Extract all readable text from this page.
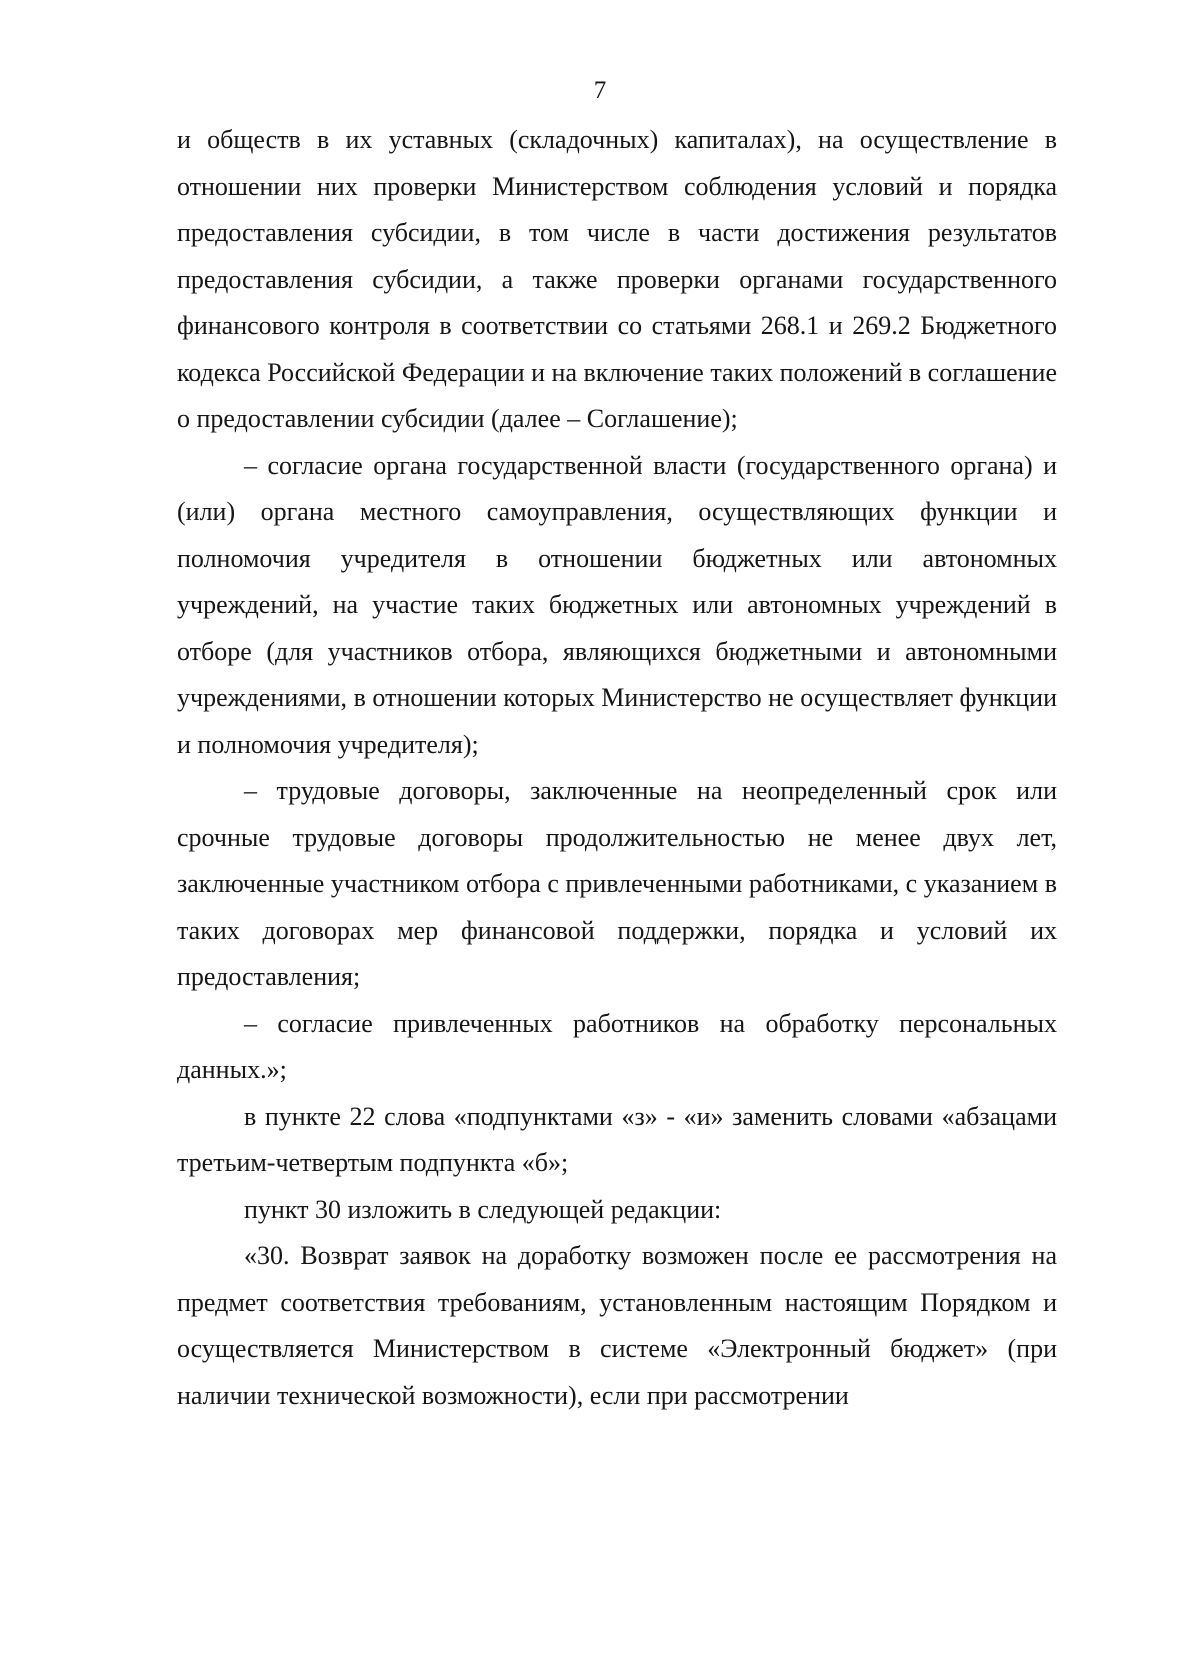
7

и обществ в их уставных (складочных) капиталах), на осуществление в отношении них проверки Министерством соблюдения условий и порядка предоставления субсидии, в том числе в части достижения результатов предоставления субсидии, а также проверки органами государственного финансового контроля в соответствии со статьями 268.1 и 269.2 Бюджетного кодекса Российской Федерации и на включение таких положений в соглашение о предоставлении субсидии (далее – Соглашение);

– согласие органа государственной власти (государственного органа) и (или) органа местного самоуправления, осуществляющих функции и полномочия учредителя в отношении бюджетных или автономных учреждений, на участие таких бюджетных или автономных учреждений в отборе (для участников отбора, являющихся бюджетными и автономными учреждениями, в отношении которых Министерство не осуществляет функции и полномочия учредителя);

– трудовые договоры, заключенные на неопределенный срок или срочные трудовые договоры продолжительностью не менее двух лет, заключенные участником отбора с привлеченными работниками, с указанием в таких договорах мер финансовой поддержки, порядка и условий их предоставления;

– согласие привлеченных работников на обработку персональных данных.»;

в пункте 22 слова «подпунктами «з» - «и» заменить словами «абзацами третьим-четвертым подпункта «б»;

пункт 30 изложить в следующей редакции:

«30. Возврат заявок на доработку возможен после ее рассмотрения на предмет соответствия требованиям, установленным настоящим Порядком и осуществляется Министерством в системе «Электронный бюджет» (при наличии технической возможности), если при рассмотрении
